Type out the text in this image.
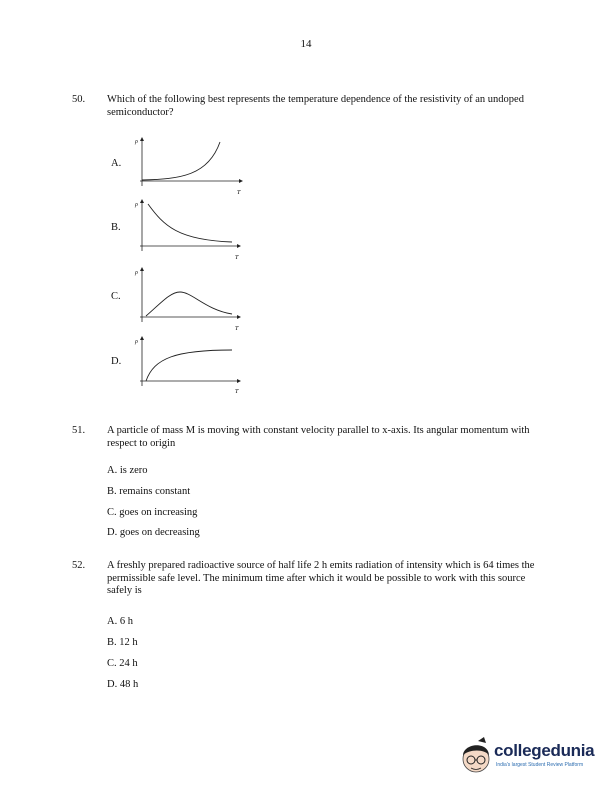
14
50. Which of the following best represents the temperature dependence of the resistivity of an undoped semiconductor?
A.
ρ
T
B.
ρ
T
C.
ρ
T
D.
ρ
T
51. A particle of mass M is moving with constant velocity parallel to x-axis. Its angular momentum with respect to origin
A. is zero
B. remains constant
C. goes on increasing
D. goes on decreasing
52. A freshly prepared radioactive source of half life 2 h emits radiation of intensity which is 64 times the permissible safe level. The minimum time after which it would be possible to work with this source safely is
A. 6 h
B. 12 h
C. 24 h
D. 48 h
collegedunia
India's largest Student Review Platform
